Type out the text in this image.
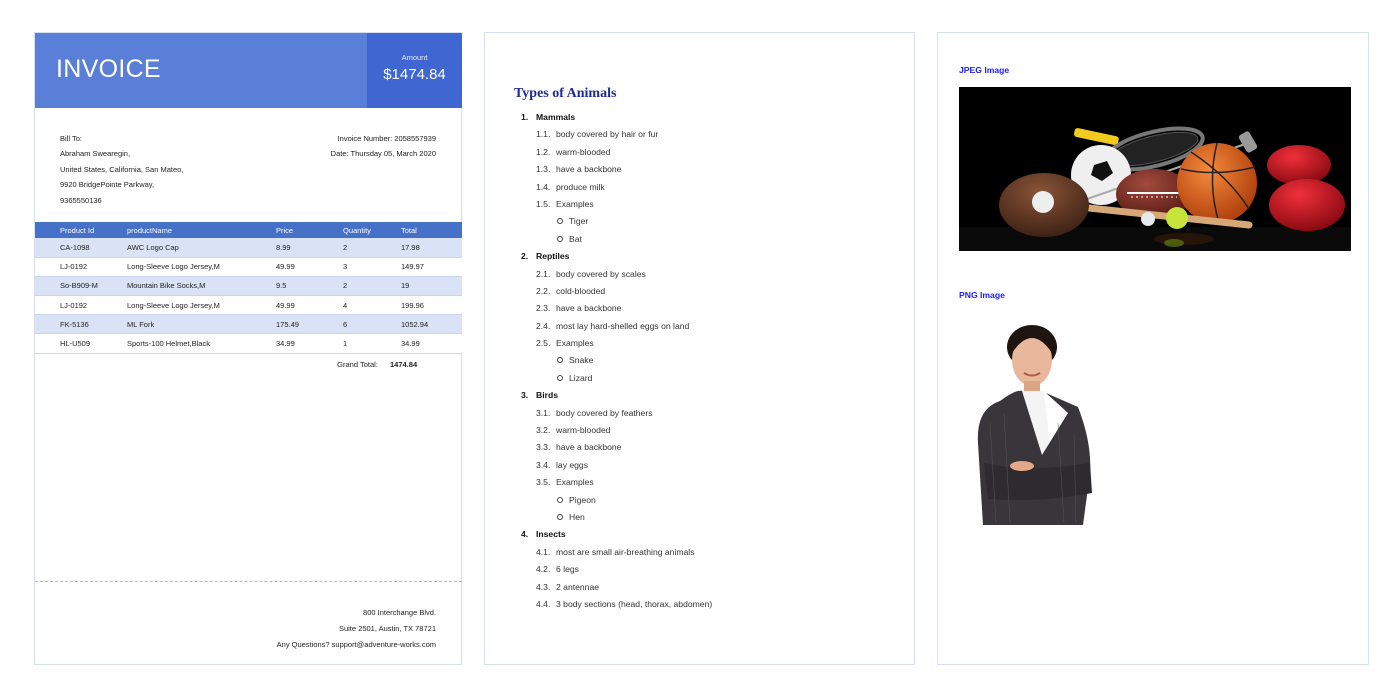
INVOICE	Amount
$1474.84
Bill To:
Abraham Swearegin,
United States, California, San Mateo,
9920 BridgePointe Parkway,
9365550136
Invoice Number: 2058557939
Date: Thursday 05, March 2020
Product Id	productName	Price	Quantity	Total
CA-1098	AWC Logo Cap	8.99	2	17.98
LJ-0192	Long-Sleeve Logo Jersey,M	49.99	3	149.97
So-B909-M	Mountain Bike Socks,M	9.5	2	19
LJ-0192	Long-Sleeve Logo Jersey,M	49.99	4	199.96
FK-5136	ML Fork	175.49	6	1052.94
HL-U509	Sports-100 Helmet,Black	34.99	1	34.99
Grand Total: 1474.84
800 Interchange Blvd.
Suite 2501, Austin, TX 78721
Any Questions? support@adventure-works.com
Types of Animals
1. Mammals
1.1. body covered by hair or fur
1.2. warm-blooded
1.3. have a backbone
1.4. produce milk
1.5. Examples
Tiger
Bat
2. Reptiles
2.1. body covered by scales
2.2. cold-blooded
2.3. have a backbone
2.4. most lay hard-shelled eggs on land
2.5. Examples
Snake
Lizard
3. Birds
3.1. body covered by feathers
3.2. warm-blooded
3.3. have a backbone
3.4. lay eggs
3.5. Examples
Pigeon
Hen
4. Insects
4.1. most are small air-breathing animals
4.2. 6 legs
4.3. 2 antennae
4.4. 3 body sections (head, thorax, abdomen)
JPEG Image
PNG Image
